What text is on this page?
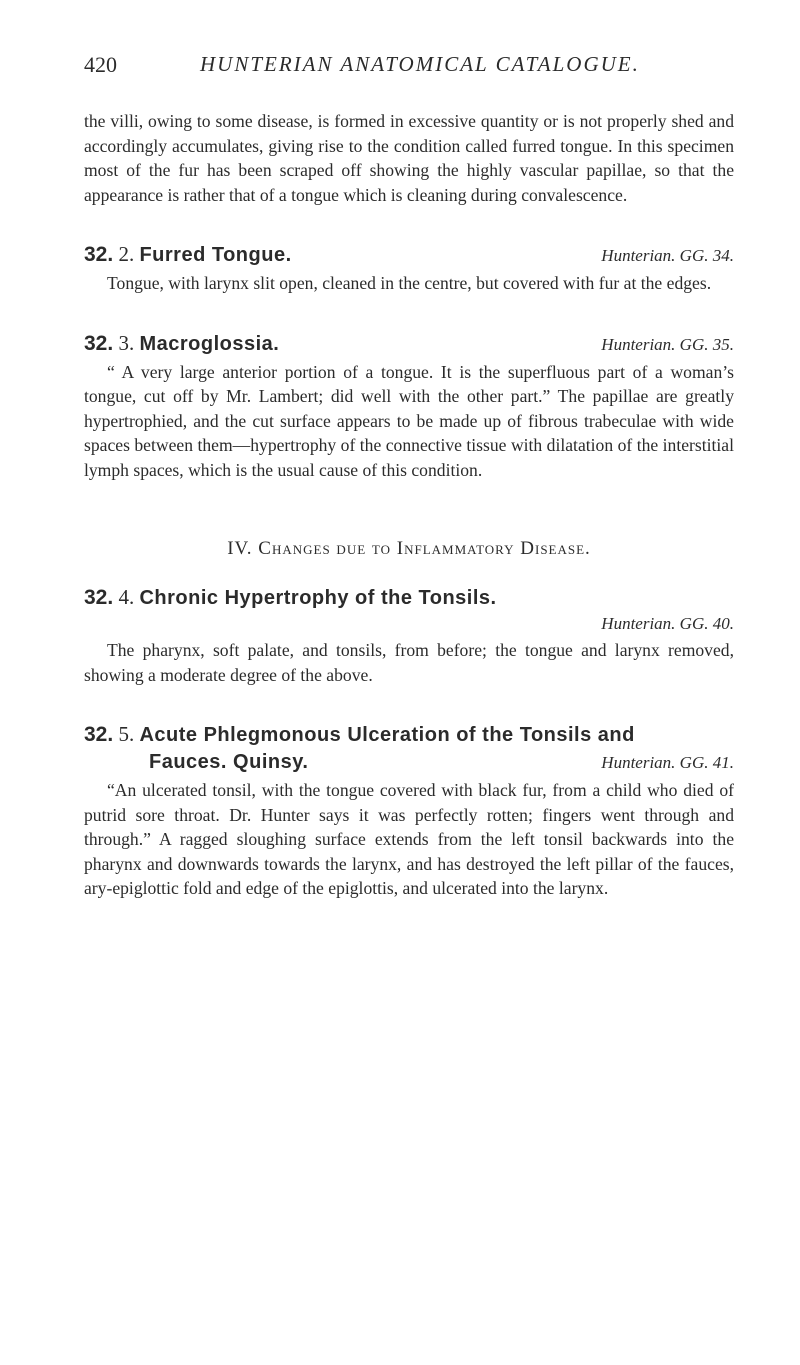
420	HUNTERIAN ANATOMICAL CATALOGUE.

the villi, owing to some disease, is formed in excessive quantity or is not properly shed and accordingly accumulates, giving rise to the condition called furred tongue. In this specimen most of the fur has been scraped off showing the highly vascular papillae, so that the appearance is rather that of a tongue which is cleaning during convalescence.

32. 2. Furred Tongue.	Hunterian. GG. 34.

Tongue, with larynx slit open, cleaned in the centre, but covered with fur at the edges.

32. 3. Macroglossia.	Hunterian. GG. 35.

“ A very large anterior portion of a tongue. It is the superfluous part of a woman’s tongue, cut off by Mr. Lambert; did well with the other part.” The papillae are greatly hypertrophied, and the cut surface appears to be made up of fibrous trabeculae with wide spaces between them—hypertrophy of the connective tissue with dilatation of the interstitial lymph spaces, which is the usual cause of this condition.

IV. Changes due to Inflammatory Disease.
32. 4. Chronic Hypertrophy of the Tonsils.
Hunterian. GG. 40.

The pharynx, soft palate, and tonsils, from before; the tongue and larynx removed, showing a moderate degree of the above.

32. 5. Acute Phlegmonous Ulceration of the Tonsils and
Fauces. Quinsy.	Hunterian. GG. 41.

“An ulcerated tonsil, with the tongue covered with black fur, from a child who died of putrid sore throat. Dr. Hunter says it was perfectly rotten; fingers went through and through.” A ragged sloughing surface extends from the left tonsil backwards into the pharynx and downwards towards the larynx, and has destroyed the left pillar of the fauces, ary-epiglottic fold and edge of the epiglottis, and ulcerated into the larynx.
